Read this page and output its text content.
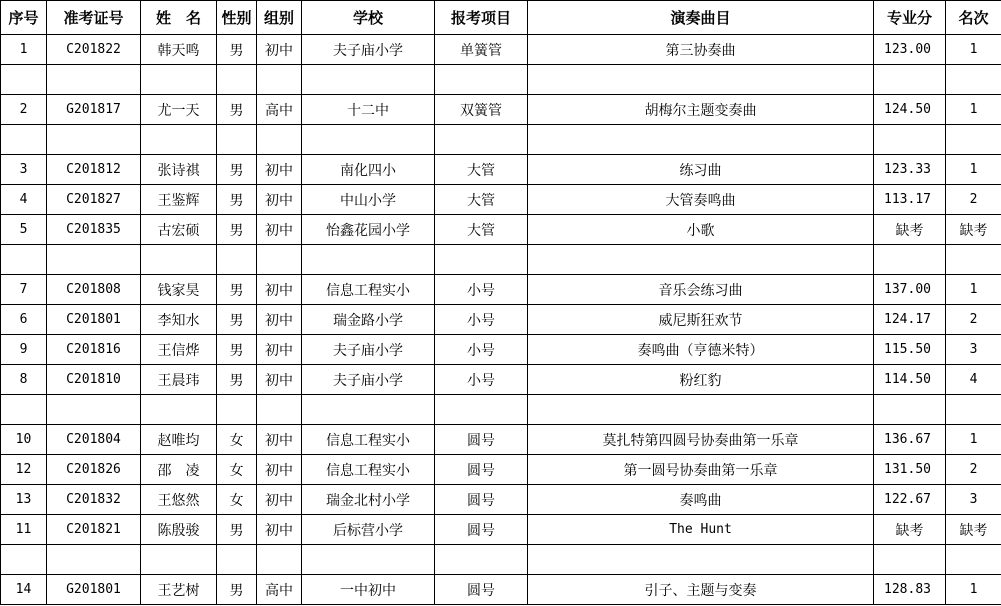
序号	准考证号	姓　名	性别	组别	学校	报考项目	演奏曲目	专业分	名次
1	C201822	韩天鸣	男	初中	夫子庙小学	单簧管	第三协奏曲	123.00	1

2	G201817	尤一天	男	高中	十二中	双簧管	胡梅尔主题变奏曲	124.50	1

3	C201812	张诗祺	男	初中	南化四小	大管	练习曲	123.33	1
4	C201827	王鉴辉	男	初中	中山小学	大管	大管奏鸣曲	113.17	2
5	C201835	古宏硕	男	初中	怡鑫花园小学	大管	小歌	缺考	缺考

7	C201808	钱家昊	男	初中	信息工程实小	小号	音乐会练习曲	137.00	1
6	C201801	李知水	男	初中	瑞金路小学	小号	威尼斯狂欢节	124.17	2
9	C201816	王信烨	男	初中	夫子庙小学	小号	奏鸣曲（亨德米特）	115.50	3
8	C201810	王晨玮	男	初中	夫子庙小学	小号	粉红豹	114.50	4

10	C201804	赵唯均	女	初中	信息工程实小	圆号	莫扎特第四圆号协奏曲第一乐章	136.67	1
12	C201826	邵　凌	女	初中	信息工程实小	圆号	第一圆号协奏曲第一乐章	131.50	2
13	C201832	王悠然	女	初中	瑞金北村小学	圆号	奏鸣曲	122.67	3
11	C201821	陈殷骏	男	初中	后标营小学	圆号	The Hunt	缺考	缺考

14	G201801	王艺树	男	高中	一中初中	圆号	引子、主题与变奏	128.83	1
